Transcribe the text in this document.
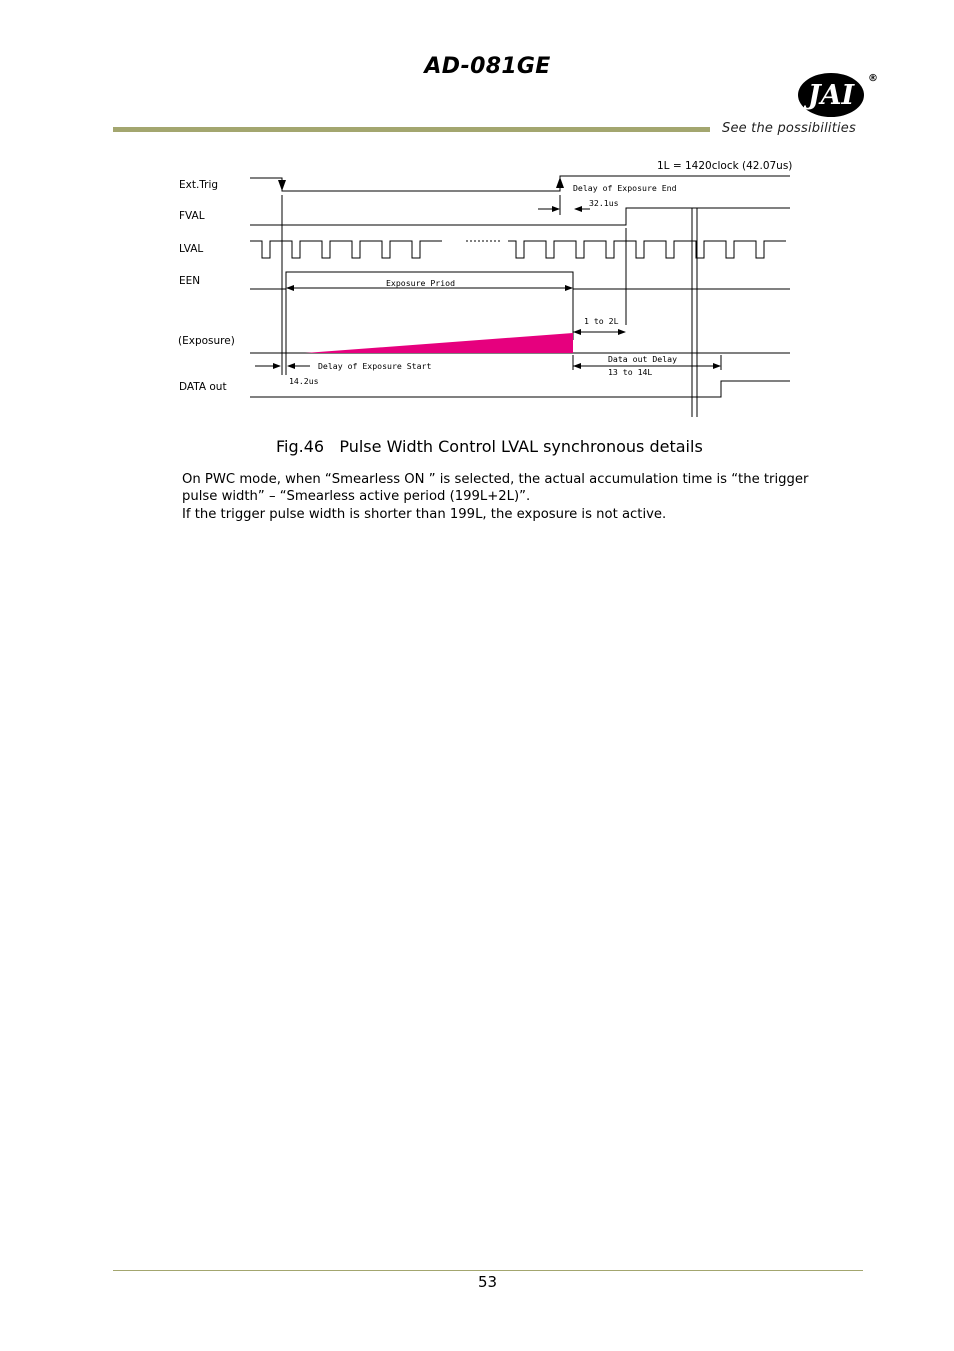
AD-081GE
JAI
®
See the possibilities
Ext.Trig
FVAL
LVAL
EEN
(Exposure)
DATA out
1L = 1420clock (42.07us)
Delay of Exposure End
32.1us
Exposure Priod
1 to 2L
Delay of Exposure Start
14.2us
Data out Delay
13 to 14L
Fig.46   Pulse Width Control LVAL synchronous details
On PWC mode, when “Smearless ON ” is selected, the actual accumulation time is “the trigger pulse width” – “Smearless active period (199L+2L)”.
If the trigger pulse width is shorter than 199L, the exposure is not active.
53
